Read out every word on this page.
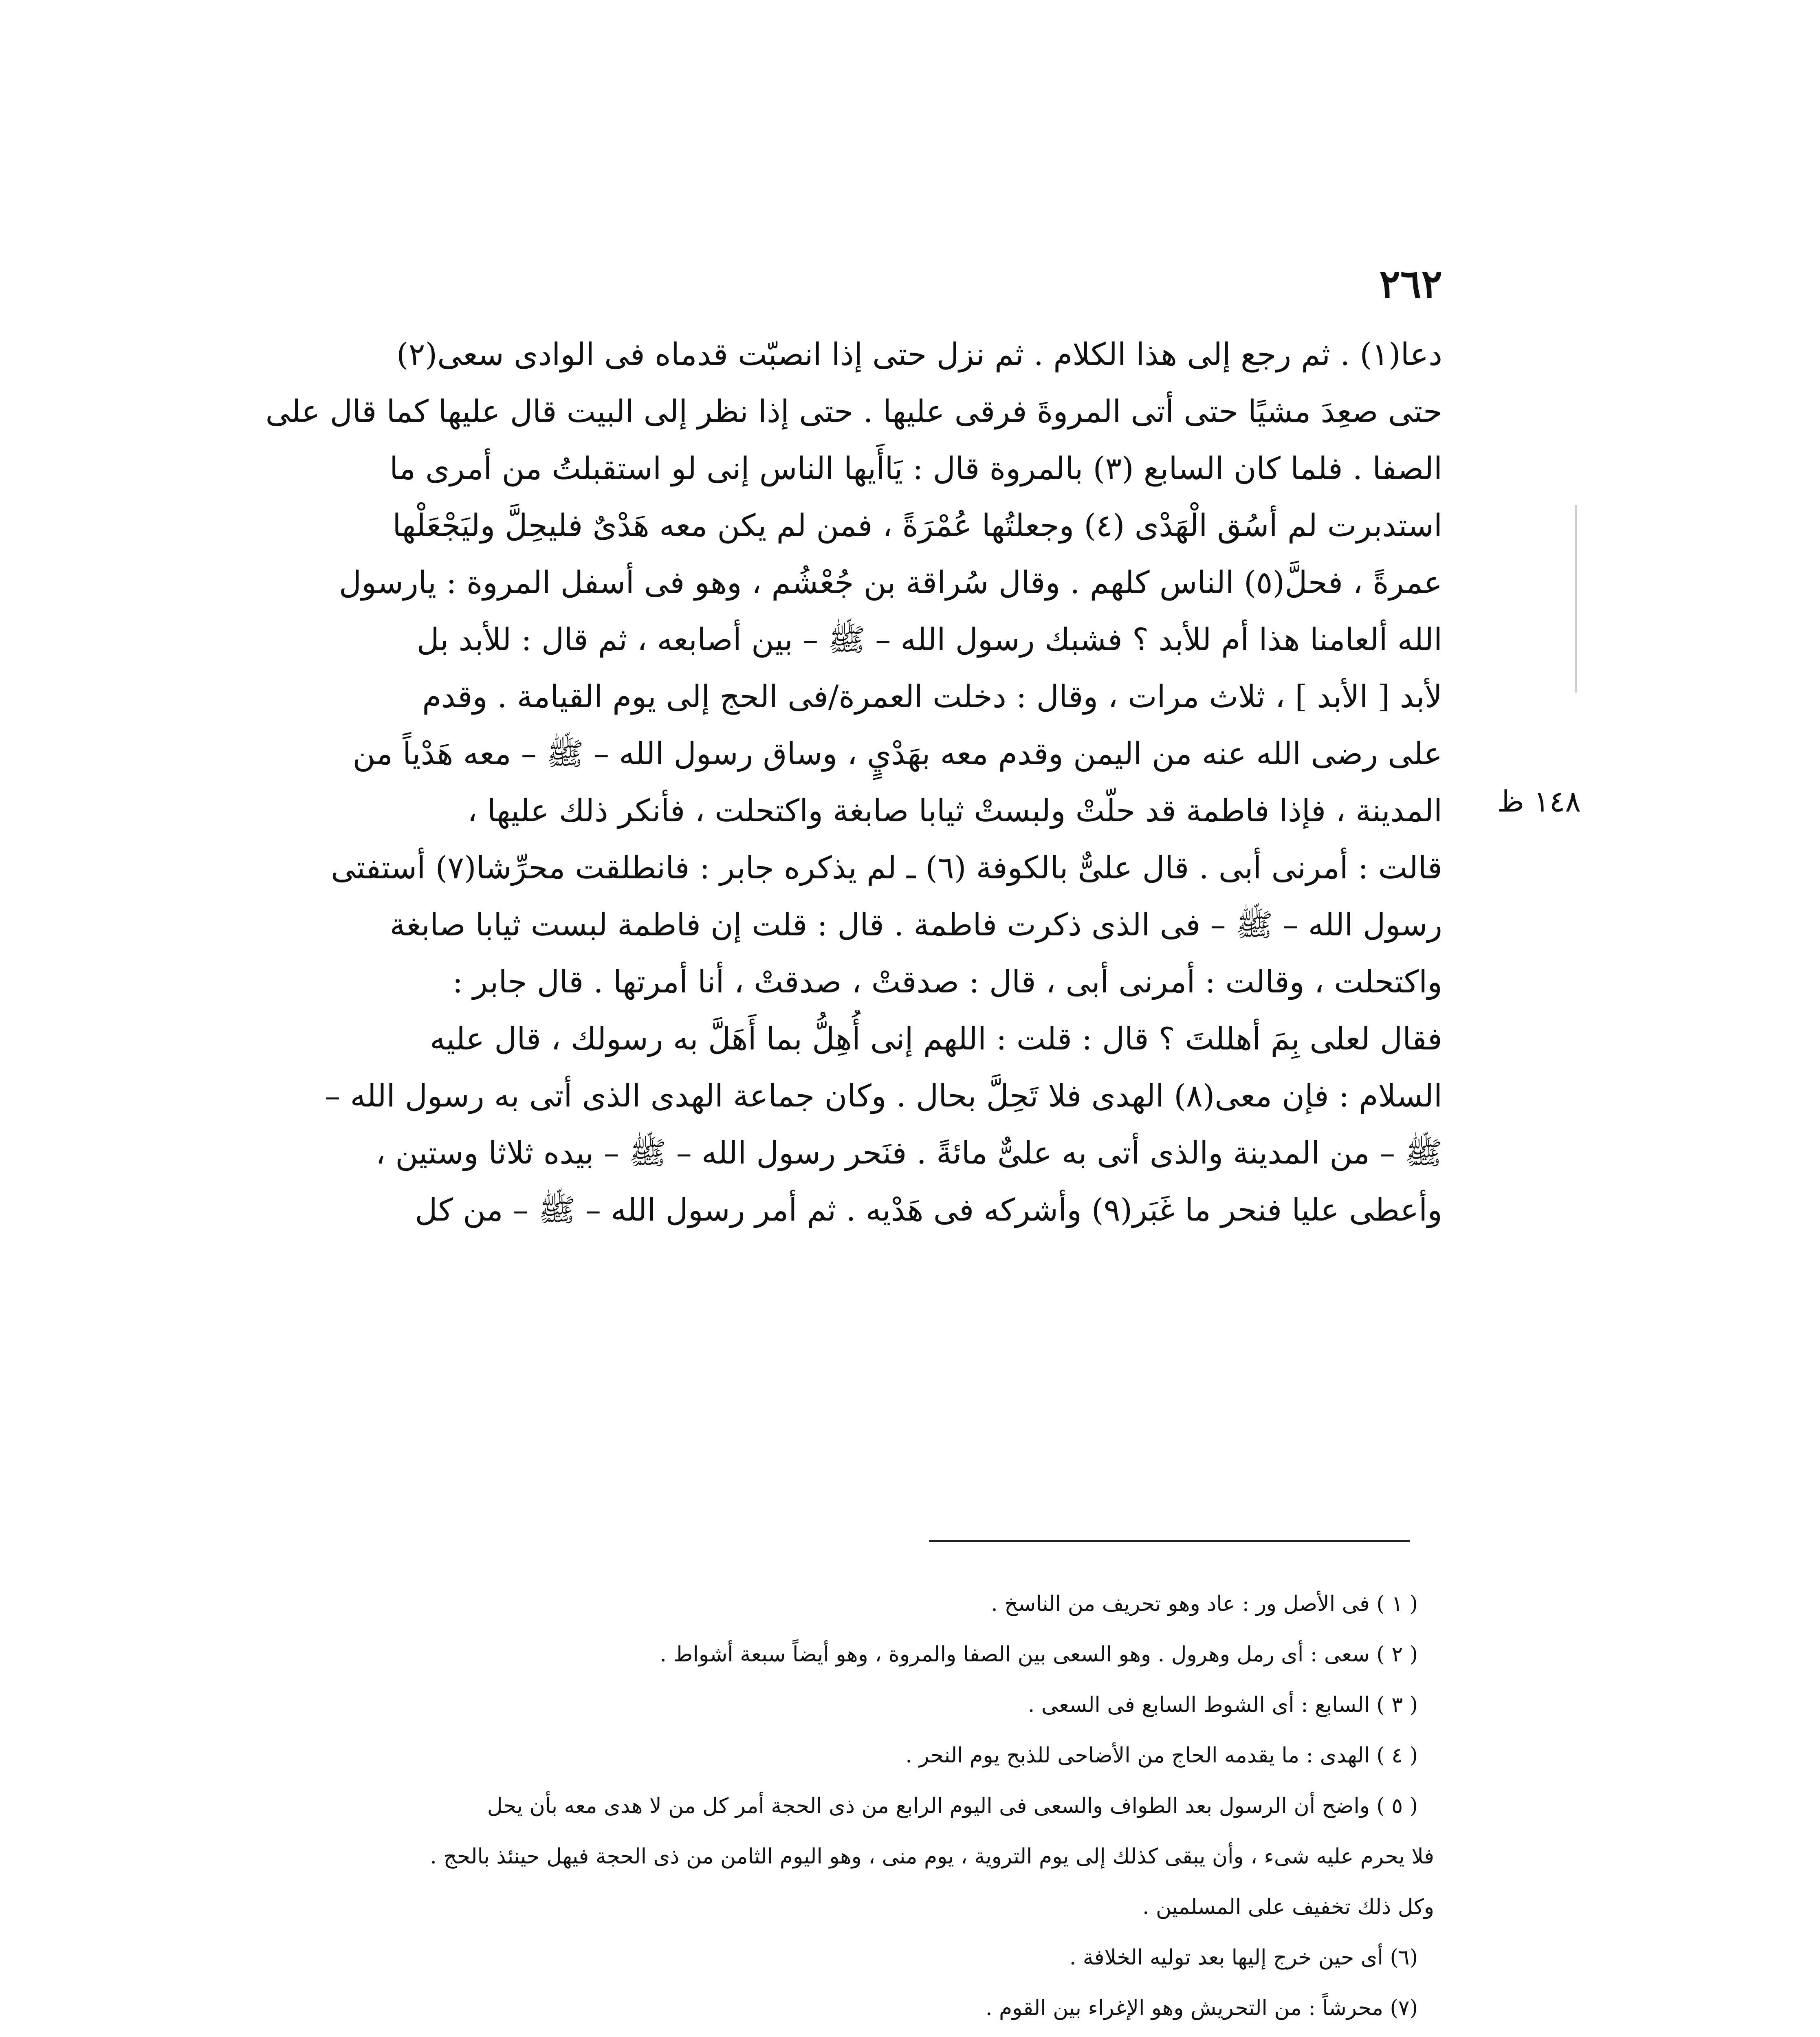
٢٦٢
١٤٨ ظ
دعا(١) . ثم رجع إلى هذا الكلام . ثم نزل حتى إذا انصبّت قدماه فى الوادى سعى(٢)
حتى صعِدَ مشيًا حتى أتى المروةَ فرقى عليها . حتى إذا نظر إلى البيت قال عليها كما قال على
الصفا . فلما كان السابع (٣) بالمروة قال : يَاأَيها الناس إنى لو استقبلتُ من أمرى ما
استدبرت لم أسُق الْهَدْى (٤) وجعلتُها عُمْرَةً ، فمن لم يكن معه هَدْىٌ فليحِلَّ وليَجْعَلْها
عمرةً ، فحلَّ(٥) الناس كلهم . وقال سُراقة بن جُعْشُم ، وهو فى أسفل المروة : يارسول
الله ألعامنا هذا أم للأبد ؟ فشبك رسول الله – ﷺ – بين أصابعه ، ثم قال : للأبد بل
لأبد [ الأبد ] ، ثلاث مرات ، وقال : دخلت العمرة/فى الحج إلى يوم القيامة . وقدم
على رضى الله عنه من اليمن وقدم معه بهَدْيٍ ، وساق رسول الله – ﷺ – معه هَدْياً من
المدينة ، فإذا فاطمة قد حلّتْ ولبستْ ثيابا صابغة واكتحلت ، فأنكر ذلك عليها ،
قالت : أمرنى أبى . قال علىٌّ بالكوفة (٦) ـ لم يذكره جابر : فانطلقت محرِّشا(٧) أستفتى
رسول الله – ﷺ – فى الذى ذكرت فاطمة . قال : قلت إن فاطمة لبست ثيابا صابغة
واكتحلت ، وقالت : أمرنى أبى ، قال : صدقتْ ، صدقتْ ، أنا أمرتها . قال جابر :
فقال لعلى بِمَ أهللتَ ؟ قال : قلت : اللهم إنى أُهِلُّ بما أَهَلَّ به رسولك ، قال عليه
السلام : فإن معى(٨) الهدى فلا تَحِلَّ بحال . وكان جماعة الهدى الذى أتى به رسول الله –
ﷺ – من المدينة والذى أتى به علىٌّ مائةً . فنَحر رسول الله – ﷺ – بيده ثلاثا وستين ،
وأعطى عليا فنحر ما غَبَر(٩) وأشركه فى هَدْيه . ثم أمر رسول الله – ﷺ – من كل
( ١ ) فى الأصل ور : عاد وهو تحريف من الناسخ .
( ٢ ) سعى : أى رمل وهرول . وهو السعى بين الصفا والمروة ، وهو أيضاً سبعة أشواط .
( ٣ ) السابع : أى الشوط السابع فى السعى .
( ٤ ) الهدى : ما يقدمه الحاج من الأضاحى للذبح يوم النحر .
( ٥ ) واضح أن الرسول بعد الطواف والسعى فى اليوم الرابع من ذى الحجة أمر كل من لا هدى معه بأن يحل
فلا يحرم عليه شىء ، وأن يبقى كذلك إلى يوم التروية ، يوم منى ، وهو اليوم الثامن من ذى الحجة فيهل حينئذ بالحج .
وكل ذلك تخفيف على المسلمين .
(٦) أى حين خرج إليها بعد توليه الخلافة .
(٧) محرشاً : من التحريش وهو الإغراء بين القوم .
